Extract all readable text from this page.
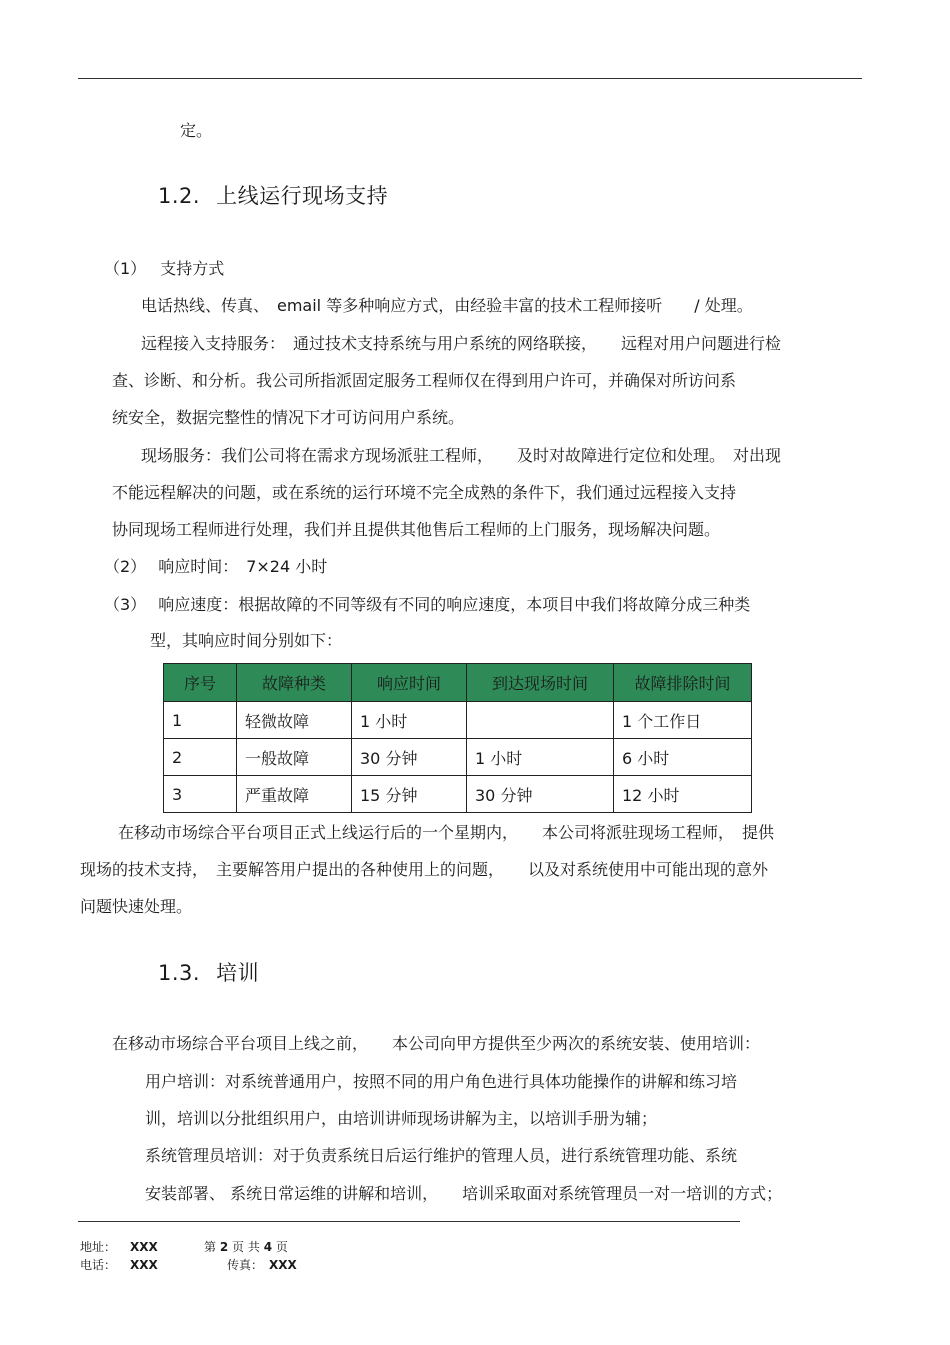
定。
1.2. 上线运行现场支持
（1） 支持方式
电话热线、传真、　email 等多种响应方式，由经验丰富的技术工程师接听　　/ 处理。
远程接入支持服务：　通过技术支持系统与用户系统的网络联接，　　远程对用户问题进行检
查、诊断、和分析。我公司所指派固定服务工程师仅在得到用户许可，并确保对所访问系
统安全，数据完整性的情况下才可访问用户系统。
现场服务：我们公司将在需求方现场派驻工程师，　　及时对故障进行定位和处理。　对出现
不能远程解决的问题，或在系统的运行环境不完全成熟的条件下，我们通过远程接入支持
协同现场工程师进行处理，我们并且提供其他售后工程师的上门服务，现场解决问题。
（2） 响应时间：　7×24 小时
（3） 响应速度：根据故障的不同等级有不同的响应速度，本项目中我们将故障分成三种类
型，其响应时间分别如下：
序号	故障种类	响应时间	到达现场时间	故障排除时间
1	轻微故障	1 小时		1 个工作日
2	一般故障	30 分钟	1 小时	6 小时
3	严重故障	15 分钟	30 分钟	12 小时
在移动市场综合平台项目正式上线运行后的一个星期内，　　本公司将派驻现场工程师，　提供
现场的技术支持，　主要解答用户提出的各种使用上的问题，　　以及对系统使用中可能出现的意外
问题快速处理。
1.3. 培训
在移动市场综合平台项目上线之前，　　本公司向甲方提供至少两次的系统安装、使用培训：
用户培训：对系统普通用户，按照不同的用户角色进行具体功能操作的讲解和练习培
训，培训以分批组织用户，由培训讲师现场讲解为主，以培训手册为辅；
系统管理员培训：对于负责系统日后运行维护的管理人员，进行系统管理功能、系统
安装部署、 系统日常运维的讲解和培训，　　培训采取面对系统管理员一对一培训的方式；
地址： XXX	第 2 页 共 4 页
电话： XXX	传真： XXX
